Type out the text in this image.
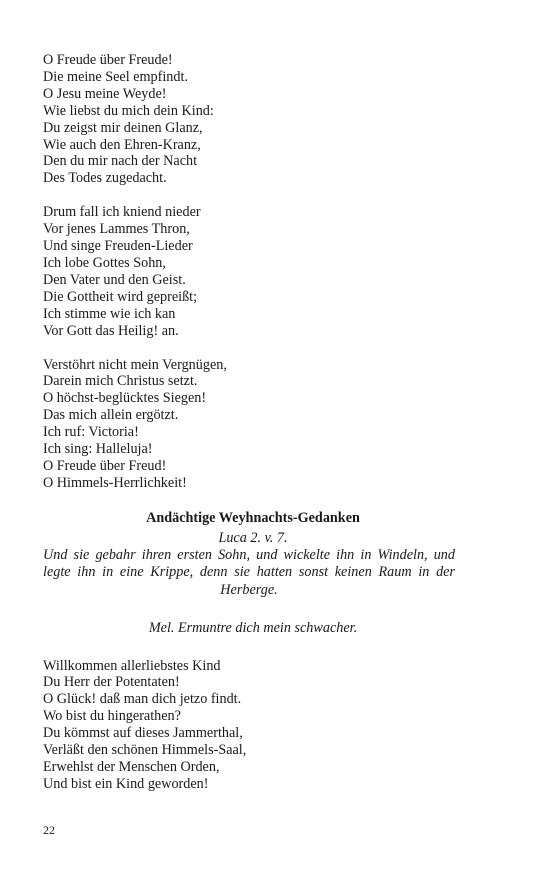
O Freude über Freude!
Die meine Seel empfindt.
O Jesu meine Weyde!
Wie liebst du mich dein Kind:
Du zeigst mir deinen Glanz,
Wie auch den Ehren-Kranz,
Den du mir nach der Nacht
Des Todes zugedacht.
Drum fall ich kniend nieder
Vor jenes Lammes Thron,
Und singe Freuden-Lieder
Ich lobe Gottes Sohn,
Den Vater und den Geist.
Die Gottheit wird gepreißt;
Ich stimme wie ich kan
Vor Gott das Heilig! an.
Verstöhrt nicht mein Vergnügen,
Darein mich Christus setzt.
O höchst-beglücktes Siegen!
Das mich allein ergötzt.
Ich ruf: Victoria!
Ich sing: Halleluja!
O Freude über Freud!
O Himmels-Herrlichkeit!
Andächtige Weyhnachts-Gedanken
Luca 2. v. 7.
Und sie gebahr ihren ersten Sohn, und wickelte ihn in Windeln, und legte ihn in eine Krippe, denn sie hatten sonst keinen Raum in der Herberge.
Mel. Ermuntre dich mein schwacher.
Willkommen allerliebstes Kind
Du Herr der Potentaten!
O Glück! daß man dich jetzo findt.
Wo bist du hingerathen?
Du kömmst auf dieses Jammerthal,
Verläßt den schönen Himmels-Saal,
Erwehlst der Menschen Orden,
Und bist ein Kind geworden!
22
